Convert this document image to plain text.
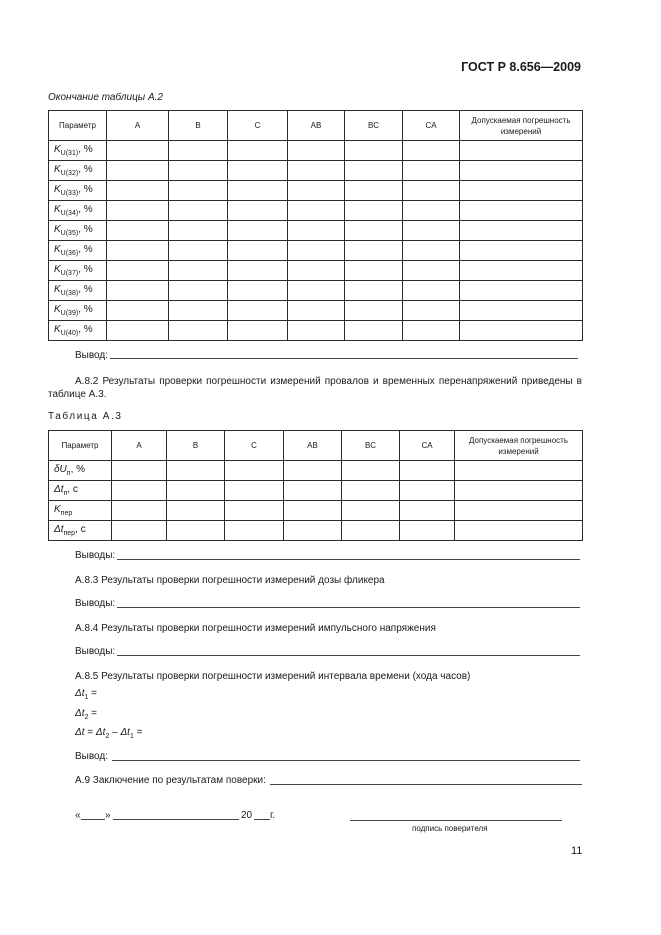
ГОСТ Р 8.656—2009
Окончание таблицы А.2
Параметр	A	B	C	AB	BC	CA	Допускаемая погрешность измерений
$K_{U(31)}$, %							
$K_{U(32)}$, %							
$K_{U(33)}$, %							
$K_{U(34)}$, %							
$K_{U(35)}$, %							
$K_{U(36)}$, %							
$K_{U(37)}$, %							
$K_{U(38)}$, %							
$K_{U(39)}$, %							
$K_{U(40)}$, %							
Вывод:
А.8.2 Результаты проверки погрешности измерений провалов и временных перенапряжений приведены в таблице А.3.
Таблица А.3
Параметр	A	B	C	AB	BC	CA	Допускаемая погрешность измерений
$\delta U_п$, %							
$\Delta t_п$, c							
$K_{пер}$							
$\Delta t_{пер}$, c							
Выводы:
А.8.3 Результаты проверки погрешности измерений дозы фликера
Выводы:
А.8.4 Результаты проверки погрешности измерений импульсного напряжения
Выводы:
А.8.5 Результаты проверки погрешности измерений интервала времени (хода часов)
$\Delta t_1$ =
$\Delta t_2$ =
$\Delta t = \Delta t_2 - \Delta t_1$ =
Вывод:
А.9 Заключение по результатам поверки:
« »	20 г.
подпись поверителя
11
